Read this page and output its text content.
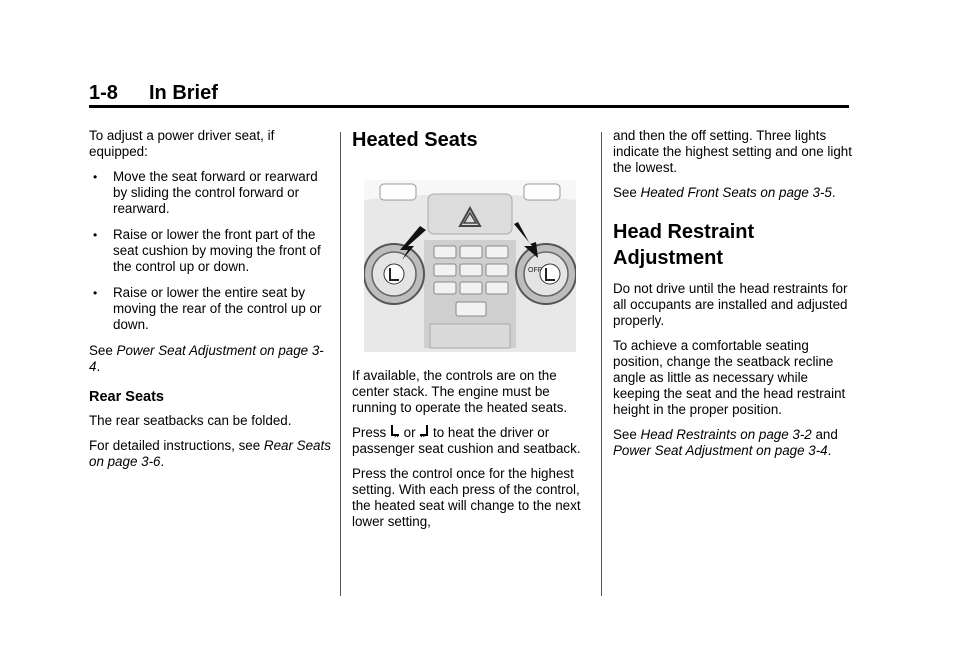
1-8 In Brief

To adjust a power driver seat, if equipped:

• Move the seat forward or rearward by sliding the control forward or rearward.
• Raise or lower the front part of the seat cushion by moving the front of the control up or down.
• Raise or lower the entire seat by moving the rear of the control up or down.

See Power Seat Adjustment on page 3-4.

Rear Seats

The rear seatbacks can be folded.

For detailed instructions, see Rear Seats on page 3-6.

Heated Seats
OFF

If available, the controls are on the center stack. The engine must be running to operate the heated seats.

Press  or  to heat the driver or passenger seat cushion and seatback.

Press the control once for the highest setting. With each press of the control, the heated seat will change to the next lower setting,

and then the off setting. Three lights indicate the highest setting and one light the lowest.

See Heated Front Seats on page 3-5.

Head Restraint Adjustment

Do not drive until the head restraints for all occupants are installed and adjusted properly.

To achieve a comfortable seating position, change the seatback recline angle as little as necessary while keeping the seat and the head restraint height in the proper position.

See Head Restraints on page 3-2 and Power Seat Adjustment on page 3-4.
